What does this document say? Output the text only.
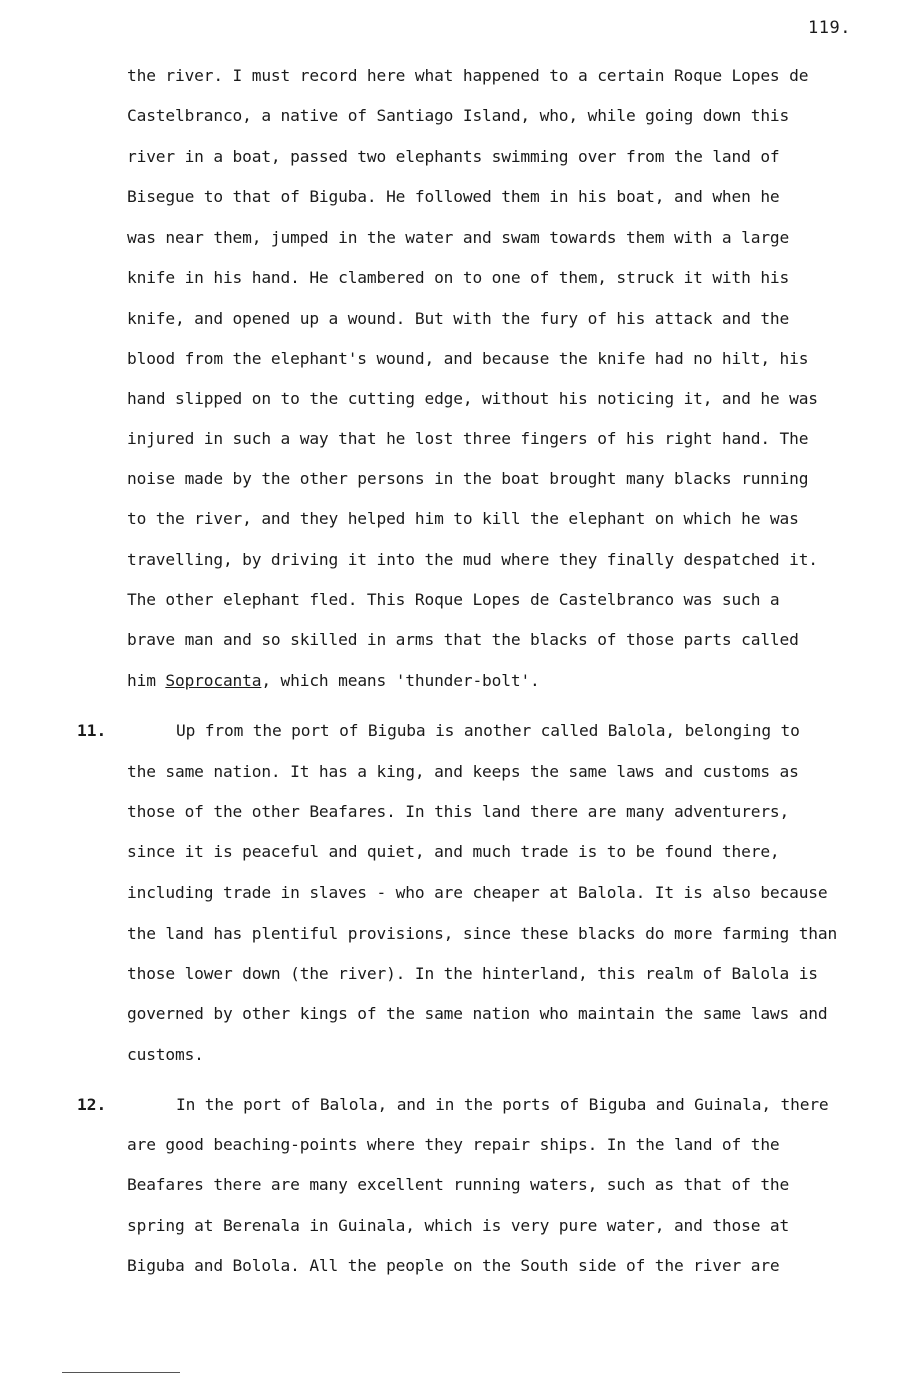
119.
the river. I must record here what happened to a certain Roque Lopes de
Castelbranco, a native of Santiago Island, who, while going down this
river in a boat, passed two elephants swimming over from the land of
Bisegue to that of Biguba. He followed them in his boat, and when he
was near them, jumped in the water and swam towards them with a large
knife in his hand. He clambered on to one of them, struck it with his
knife, and opened up a wound. But with the fury of his attack and the
blood from the elephant's wound, and because the knife had no hilt, his
hand slipped on to the cutting edge, without his noticing it, and he was
injured in such a way that he lost three fingers of his right hand. The
noise made by the other persons in the boat brought many blacks running
to the river, and they helped him to kill the elephant on which he was
travelling, by driving it into the mud where they finally despatched it.
The other elephant fled. This Roque Lopes de Castelbranco was such a
brave man and so skilled in arms that the blacks of those parts called
him Soprocanta, which means 'thunder-bolt'.
11.	Up from the port of Biguba is another called Balola, belonging to
the same nation. It has a king, and keeps the same laws and customs as
those of the other Beafares. In this land there are many adventurers,
since it is peaceful and quiet, and much trade is to be found there,
including trade in slaves - who are cheaper at Balola. It is also because
the land has plentiful provisions, since these blacks do more farming than
those lower down (the river). In the hinterland, this realm of Balola is
governed by other kings of the same nation who maintain the same laws and
customs.
12.	In the port of Balola, and in the ports of Biguba and Guinala, there
are good beaching-points where they repair ships. In the land of the
Beafares there are many excellent running waters, such as that of the
spring at Berenala in Guinala, which is very pure water, and those at
Biguba and Bolola. All the people on the South side of the river are
